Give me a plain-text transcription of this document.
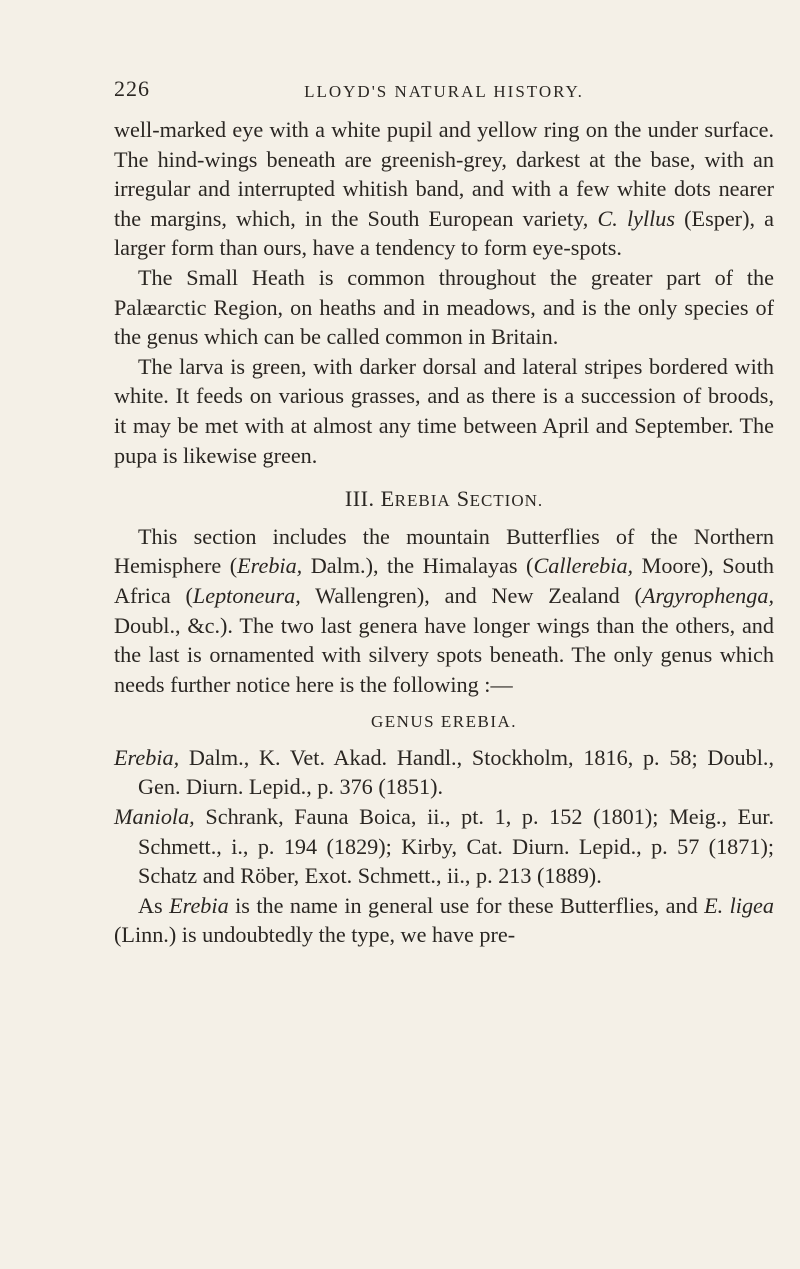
226	LLOYD'S NATURAL HISTORY.

well-marked eye with a white pupil and yellow ring on the under surface. The hind-wings beneath are greenish-grey, darkest at the base, with an irregular and interrupted whitish band, and with a few white dots nearer the margins, which, in the South European variety, C. lyllus (Esper), a larger form than ours, have a tendency to form eye-spots.

The Small Heath is common throughout the greater part of the Palæarctic Region, on heaths and in meadows, and is the only species of the genus which can be called common in Britain.

The larva is green, with darker dorsal and lateral stripes bordered with white. It feeds on various grasses, and as there is a succession of broods, it may be met with at almost any time between April and September. The pupa is likewise green.

III. EREBIA SECTION.

This section includes the mountain Butterflies of the Northern Hemisphere (Erebia, Dalm.), the Himalayas (Callerebia, Moore), South Africa (Leptoneura, Wallengren), and New Zealand (Argyrophenga, Doubl., &c.). The two last genera have longer wings than the others, and the last is ornamented with silvery spots beneath. The only genus which needs further notice here is the following :—

GENUS EREBIA.

Erebia, Dalm., K. Vet. Akad. Handl., Stockholm, 1816, p. 58; Doubl., Gen. Diurn. Lepid., p. 376 (1851).

Maniola, Schrank, Fauna Boica, ii., pt. 1, p. 152 (1801); Meig., Eur. Schmett., i., p. 194 (1829); Kirby, Cat. Diurn. Lepid., p. 57 (1871); Schatz and Röber, Exot. Schmett., ii., p. 213 (1889).

As Erebia is the name in general use for these Butterflies, and E. ligea (Linn.) is undoubtedly the type, we have pre-
